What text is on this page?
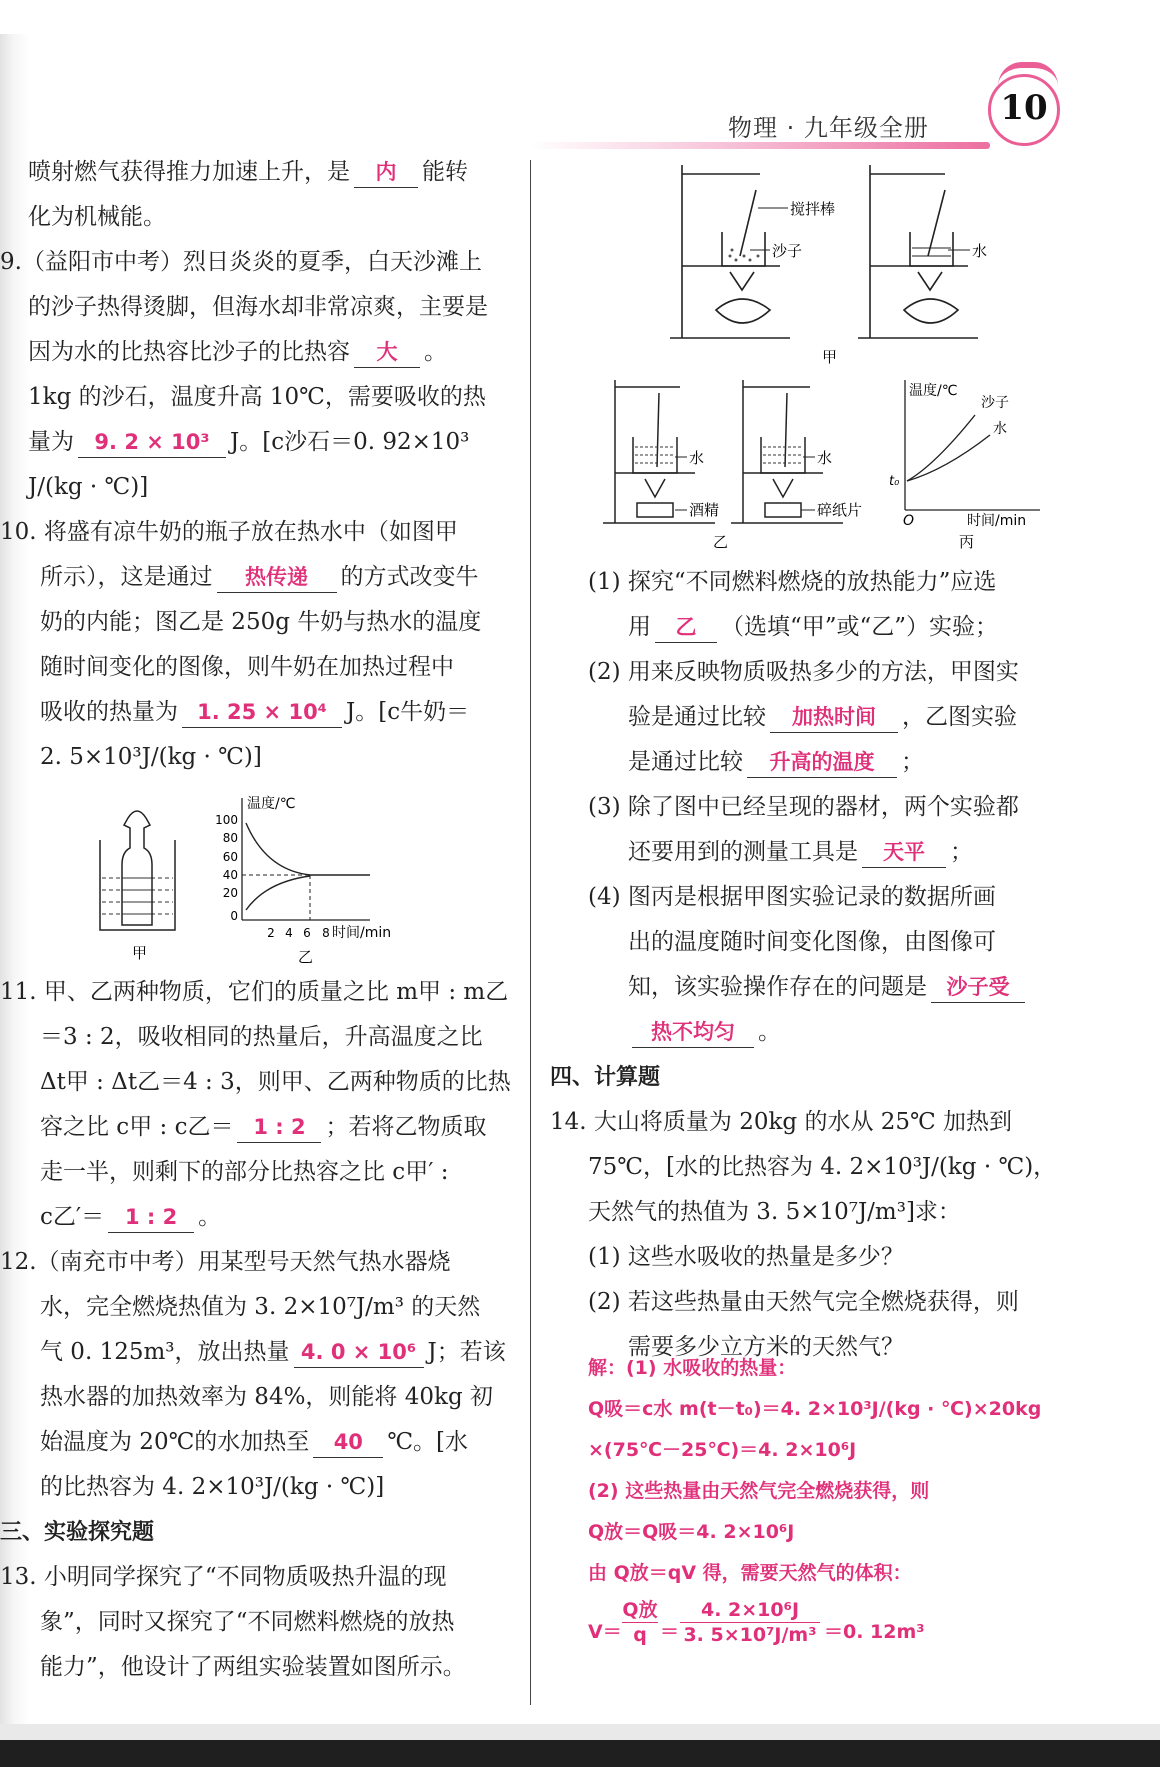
物理 · 九年级全册	10
喷射燃气获得推力加速上升，是 内 能转
化为机械能。
9.（益阳市中考）烈日炎炎的夏季，白天沙滩上
的沙子热得烫脚，但海水却非常凉爽，主要是
因为水的比热容比沙子的比热容 大 。
1kg 的沙石，温度升高 10℃，需要吸收的热
量为 9. 2 × 10³ J。[c沙石＝0. 92×10³
J/(kg · ℃)]
10. 将盛有凉牛奶的瓶子放在热水中（如图甲
所示），这是通过 热传递 的方式改变牛
奶的内能；图乙是 250g 牛奶与热水的温度
随时间变化的图像，则牛奶在加热过程中
吸收的热量为 1. 25 × 10⁴ J。[c牛奶＝
2. 5×10³J/(kg · ℃)]
甲
温度/℃
100
80
60
40
20
0
2 4 6 8 时间/min
乙
11. 甲、乙两种物质，它们的质量之比 m甲 : m乙
＝3 : 2，吸收相同的热量后，升高温度之比
Δt甲 : Δt乙＝4 : 3，则甲、乙两种物质的比热
容之比 c甲 : c乙＝ 1 : 2 ；若将乙物质取
走一半，则剩下的部分比热容之比 c甲′ :
c乙′＝ 1 : 2 。
12.（南充市中考）用某型号天然气热水器烧
水，完全燃烧热值为 3. 2×10⁷J/m³ 的天然
气 0. 125m³，放出热量 4. 0 × 10⁶ J；若该
热水器的加热效率为 84%，则能将 40kg 初
始温度为 20℃的水加热至 40 ℃。[水
的比热容为 4. 2×10³J/(kg · ℃)]
三、实验探究题
13. 小明同学探究了“不同物质吸热升温的现
象”，同时又探究了“不同燃料燃烧的放热
能力”，他设计了两组实验装置如图所示。
搅拌棒
沙子	水
甲
水
酒精
水
碎纸片
乙
温度/℃
沙子
水
t₀
O	时间/min
丙
(1) 探究“不同燃料燃烧的放热能力”应选
用 乙 （选填“甲”或“乙”）实验；
(2) 用来反映物质吸热多少的方法，甲图实
验是通过比较 加热时间 ，乙图实验
是通过比较 升高的温度 ；
(3) 除了图中已经呈现的器材，两个实验都
还要用到的测量工具是 天平 ；
(4) 图丙是根据甲图实验记录的数据所画
出的温度随时间变化图像，由图像可
知，该实验操作存在的问题是 沙子受
热不均匀 。
四、计算题
14. 大山将质量为 20kg 的水从 25℃ 加热到
75℃，[水的比热容为 4. 2×10³J/(kg · ℃)，
天然气的热值为 3. 5×10⁷J/m³]求：
(1) 这些水吸收的热量是多少？
(2) 若这些热量由天然气完全燃烧获得，则
需要多少立方米的天然气？
解：(1) 水吸收的热量：
Q吸＝c水 m(t－t₀)＝4. 2×10³J/(kg · ℃)×20kg
×(75℃－25℃)＝4. 2×10⁶J
(2) 这些热量由天然气完全燃烧获得，则
Q放＝Q吸＝4. 2×10⁶J
由 Q放＝qV 得，需要天然气的体积：
V＝
Q放
$q = \frac{\text{4. 2×10⁶J}}{\text{3. 5×10⁷J/m³}} =0$. 12m³
